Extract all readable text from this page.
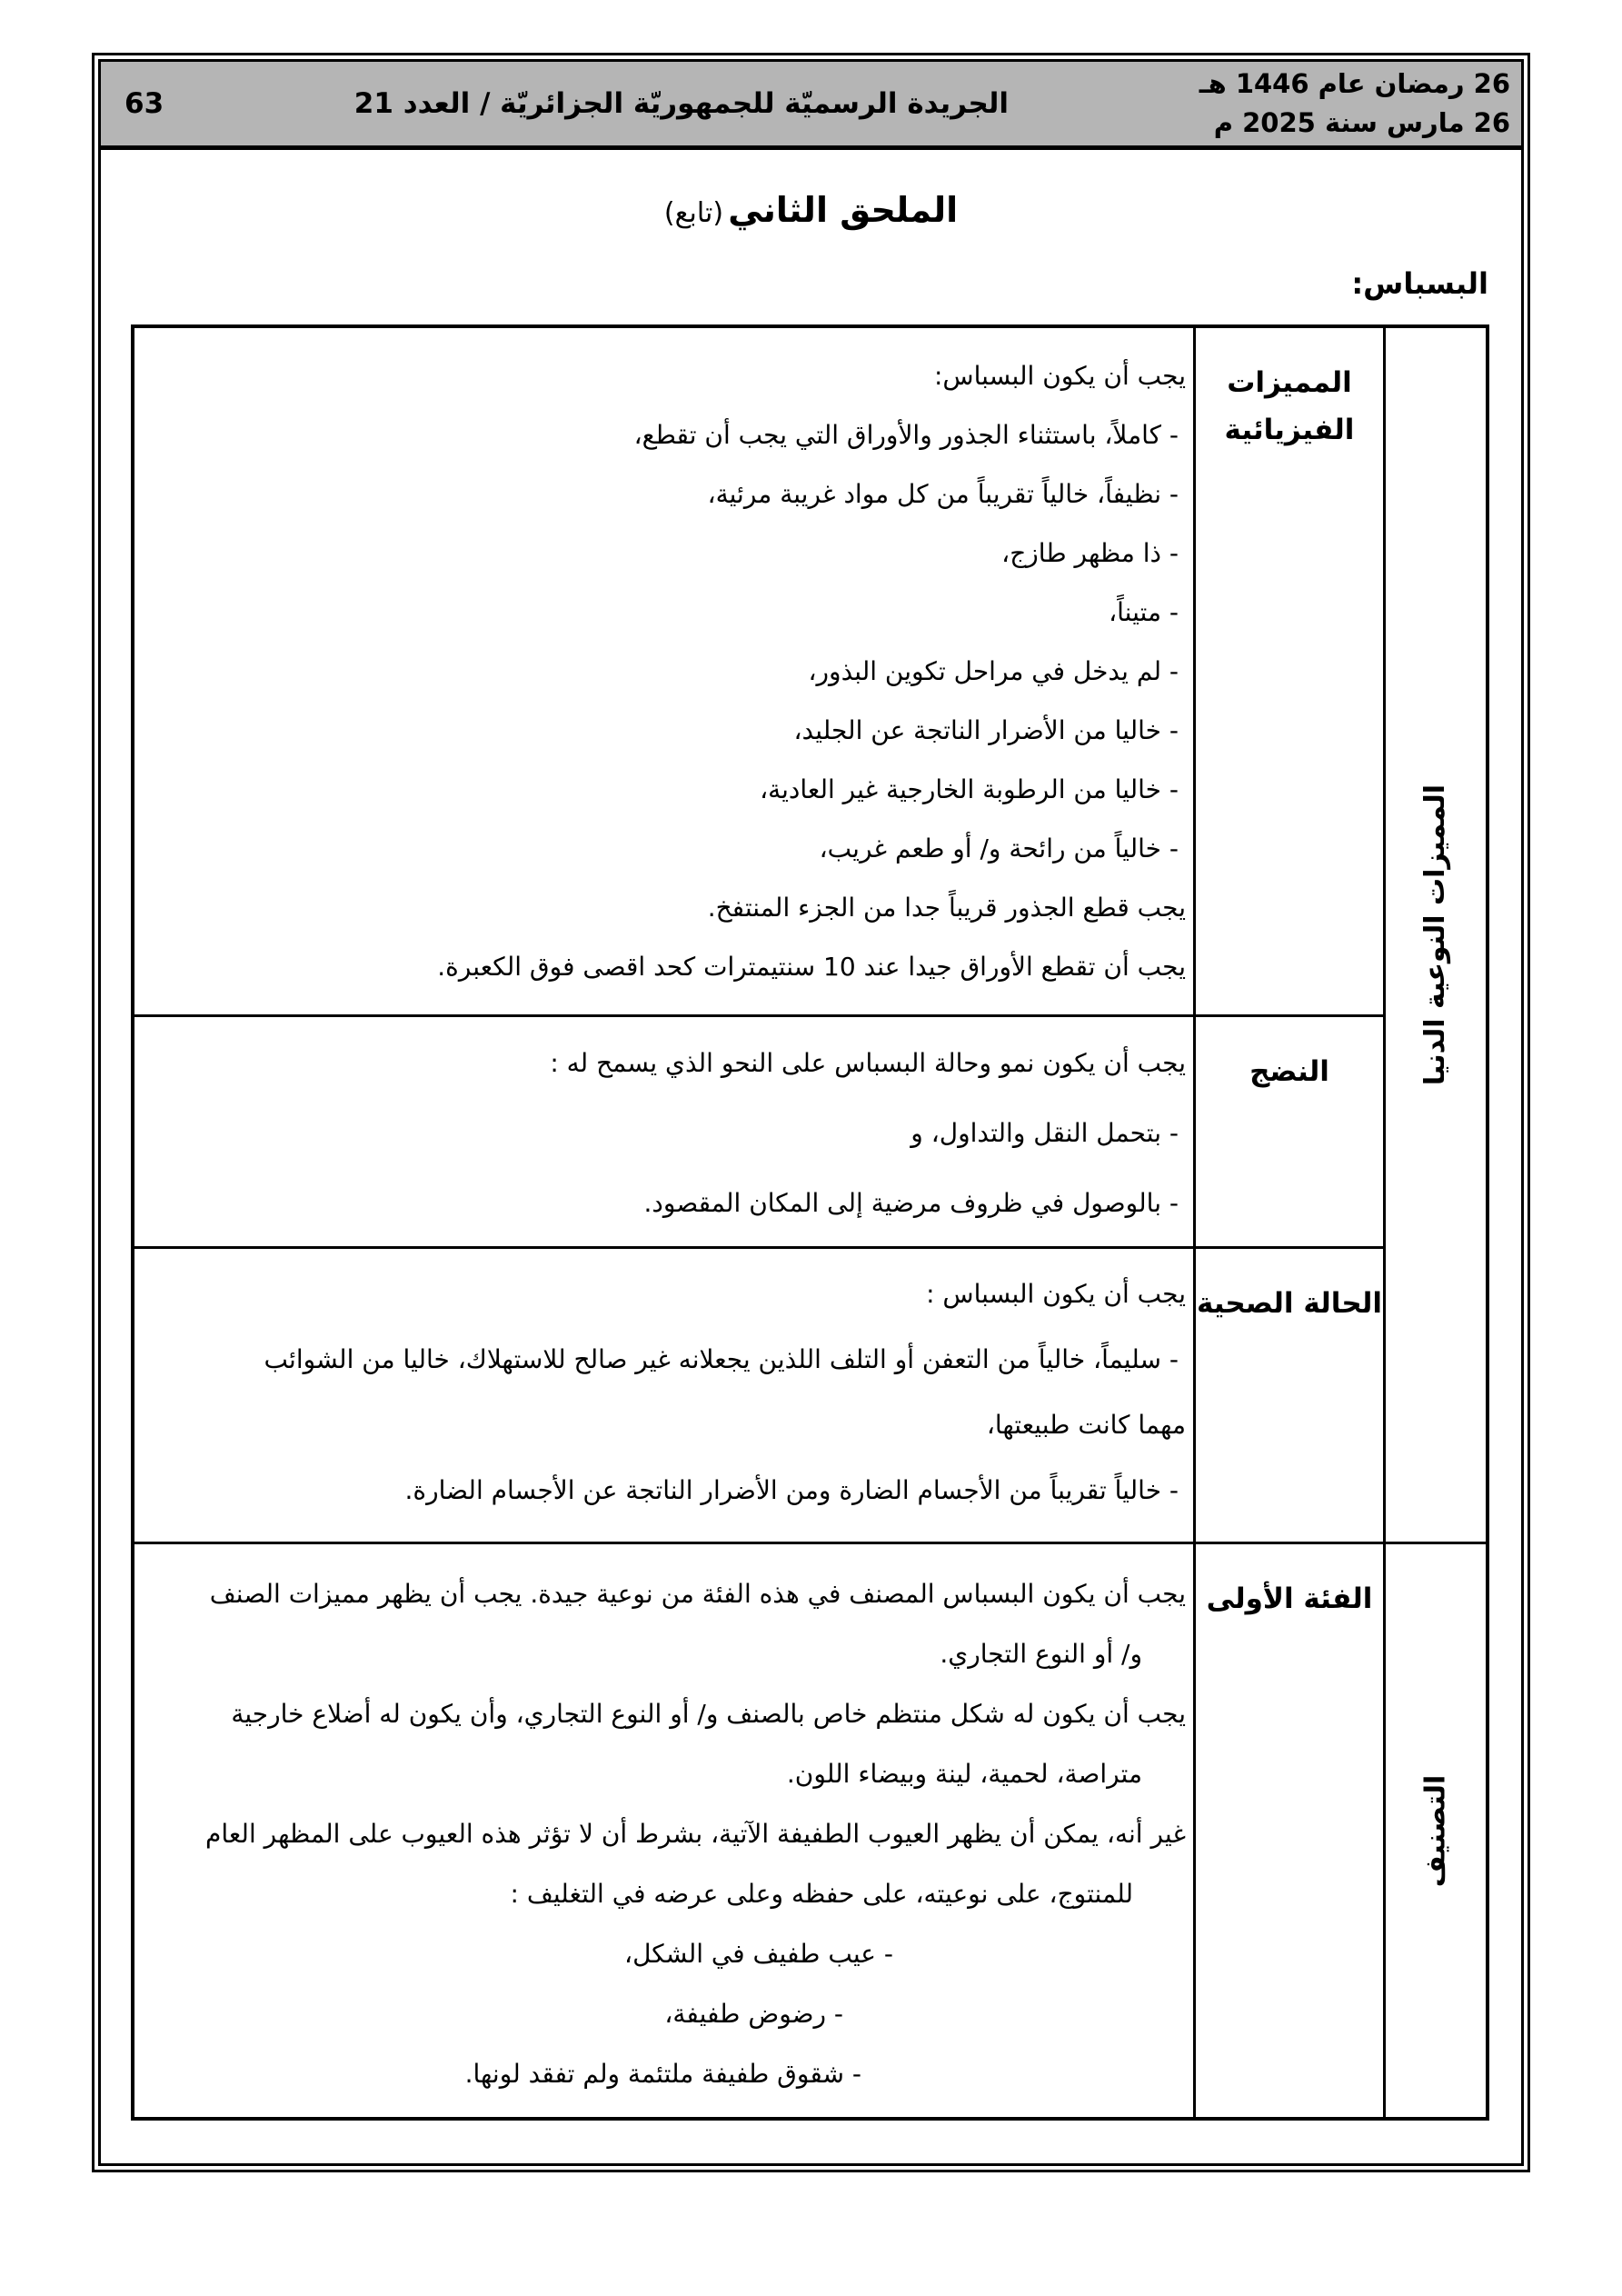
26 رمضان عام 1446 هـ
26 مارس سنة 2025 م
الجريدة الرسميّة للجمهوريّة الجزائريّة / العدد 21
63
الملحق الثاني (تابع)
البسباس:
المميزات النوعية الدنيا
التصنيف
المميزات الفيزيائية
النضج
الحالة الصحية
الفئة الأولى
يجب أن يكون البسباس:
- كاملاً، باستثناء الجذور والأوراق التي يجب أن تقطع،
- نظيفاً، خالياً تقريباً من كل مواد غريبة مرئية،
- ذا مظهر طازج،
- متيناً،
- لم يدخل في مراحل تكوين البذور،
- خاليا من الأضرار الناتجة عن الجليد،
- خاليا من الرطوبة الخارجية غير العادية،
- خالياً من رائحة و/ أو طعم غريب،
يجب قطع الجذور قريباً جدا من الجزء المنتفخ.
يجب أن تقطع الأوراق جيدا عند 10 سنتيمترات كحد اقصى فوق الكعبرة.
يجب أن يكون نمو وحالة البسباس على النحو الذي يسمح له :
- بتحمل النقل والتداول، و
- بالوصول في ظروف مرضية إلى المكان المقصود.
يجب أن يكون البسباس :
- سليماً، خالياً من التعفن أو التلف اللذين يجعلانه غير صالح للاستهلاك، خاليا من الشوائب
مهما كانت طبيعتها،
- خالياً تقريباً من الأجسام الضارة ومن الأضرار الناتجة عن الأجسام الضارة.
يجب أن يكون البسباس المصنف في هذه الفئة من نوعية جيدة. يجب أن يظهر مميزات الصنف
و/ أو النوع التجاري.
يجب أن يكون له شكل منتظم خاص بالصنف و/ أو النوع التجاري، وأن يكون له أضلاع خارجية
متراصة، لحمية، لينة وبيضاء اللون.
غير أنه، يمكن أن يظهر العيوب الطفيفة الآتية، بشرط أن لا تؤثر هذه العيوب على المظهر العام
للمنتوج، على نوعيته، على حفظه وعلى عرضه في التغليف :
- عيب طفيف في الشكل،
- رضوض طفيفة،
- شقوق طفيفة ملتئمة ولم تفقد لونها.
